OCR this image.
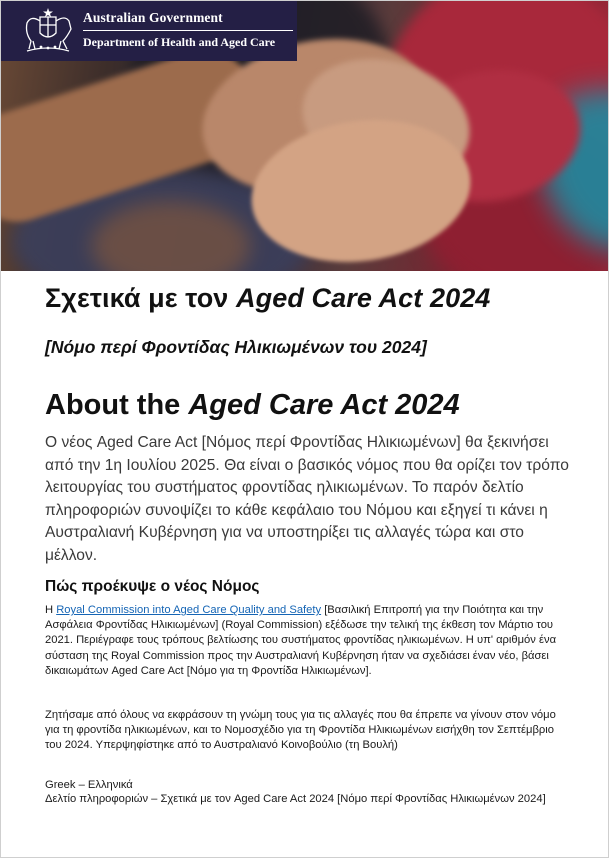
Australian Government
Department of Health and Aged Care
Σχετικά με τον Aged Care Act 2024
[Νόμο περί Φροντίδας Ηλικιωμένων του 2024]
About the Aged Care Act 2024

Ο νέος Aged Care Act [Νόμος περί Φροντίδας Ηλικιωμένων] θα ξεκινήσει από την 1η Ιουλίου 2025. Θα είναι ο βασικός νόμος που θα ορίζει τον τρόπο λειτουργίας του συστήματος φροντίδας ηλικιωμένων. Το παρόν δελτίο πληροφοριών συνοψίζει το κάθε κεφάλαιο του Νόμου και εξηγεί τι κάνει η Αυστραλιανή Κυβέρνηση για να υποστηρίξει τις αλλαγές τώρα και στο μέλλον.

Πώς προέκυψε ο νέος Νόμος

Η Royal Commission into Aged Care Quality and Safety [Βασιλική Επιτροπή για την Ποιότητα και την Ασφάλεια Φροντίδας Ηλικιωμένων] (Royal Commission) εξέδωσε την τελική της έκθεση τον Μάρτιο του 2021. Περιέγραφε τους τρόπους βελτίωσης του συστήματος φροντίδας ηλικιωμένων. Η υπ' αριθμόν ένα σύσταση της Royal Commission προς την Αυστραλιανή Κυβέρνηση ήταν να σχεδιάσει έναν νέο, βάσει δικαιωμάτων Aged Care Act [Νόμο για τη Φροντίδα Ηλικιωμένων].

Ζητήσαμε από όλους να εκφράσουν τη γνώμη τους για τις αλλαγές που θα έπρεπε να γίνουν στον νόμο για τη φροντίδα ηλικιωμένων, και το Νομοσχέδιο για τη Φροντίδα Ηλικιωμένων εισήχθη τον Σεπτέμβριο του 2024. Υπερψηφίστηκε από το Αυστραλιανό Κοινοβούλιο (τη Βουλή)

Greek – Ελληνικά
Δελτίο πληροφοριών – Σχετικά με τον Aged Care Act 2024 [Νόμο περί Φροντίδας Ηλικιωμένων 2024]
